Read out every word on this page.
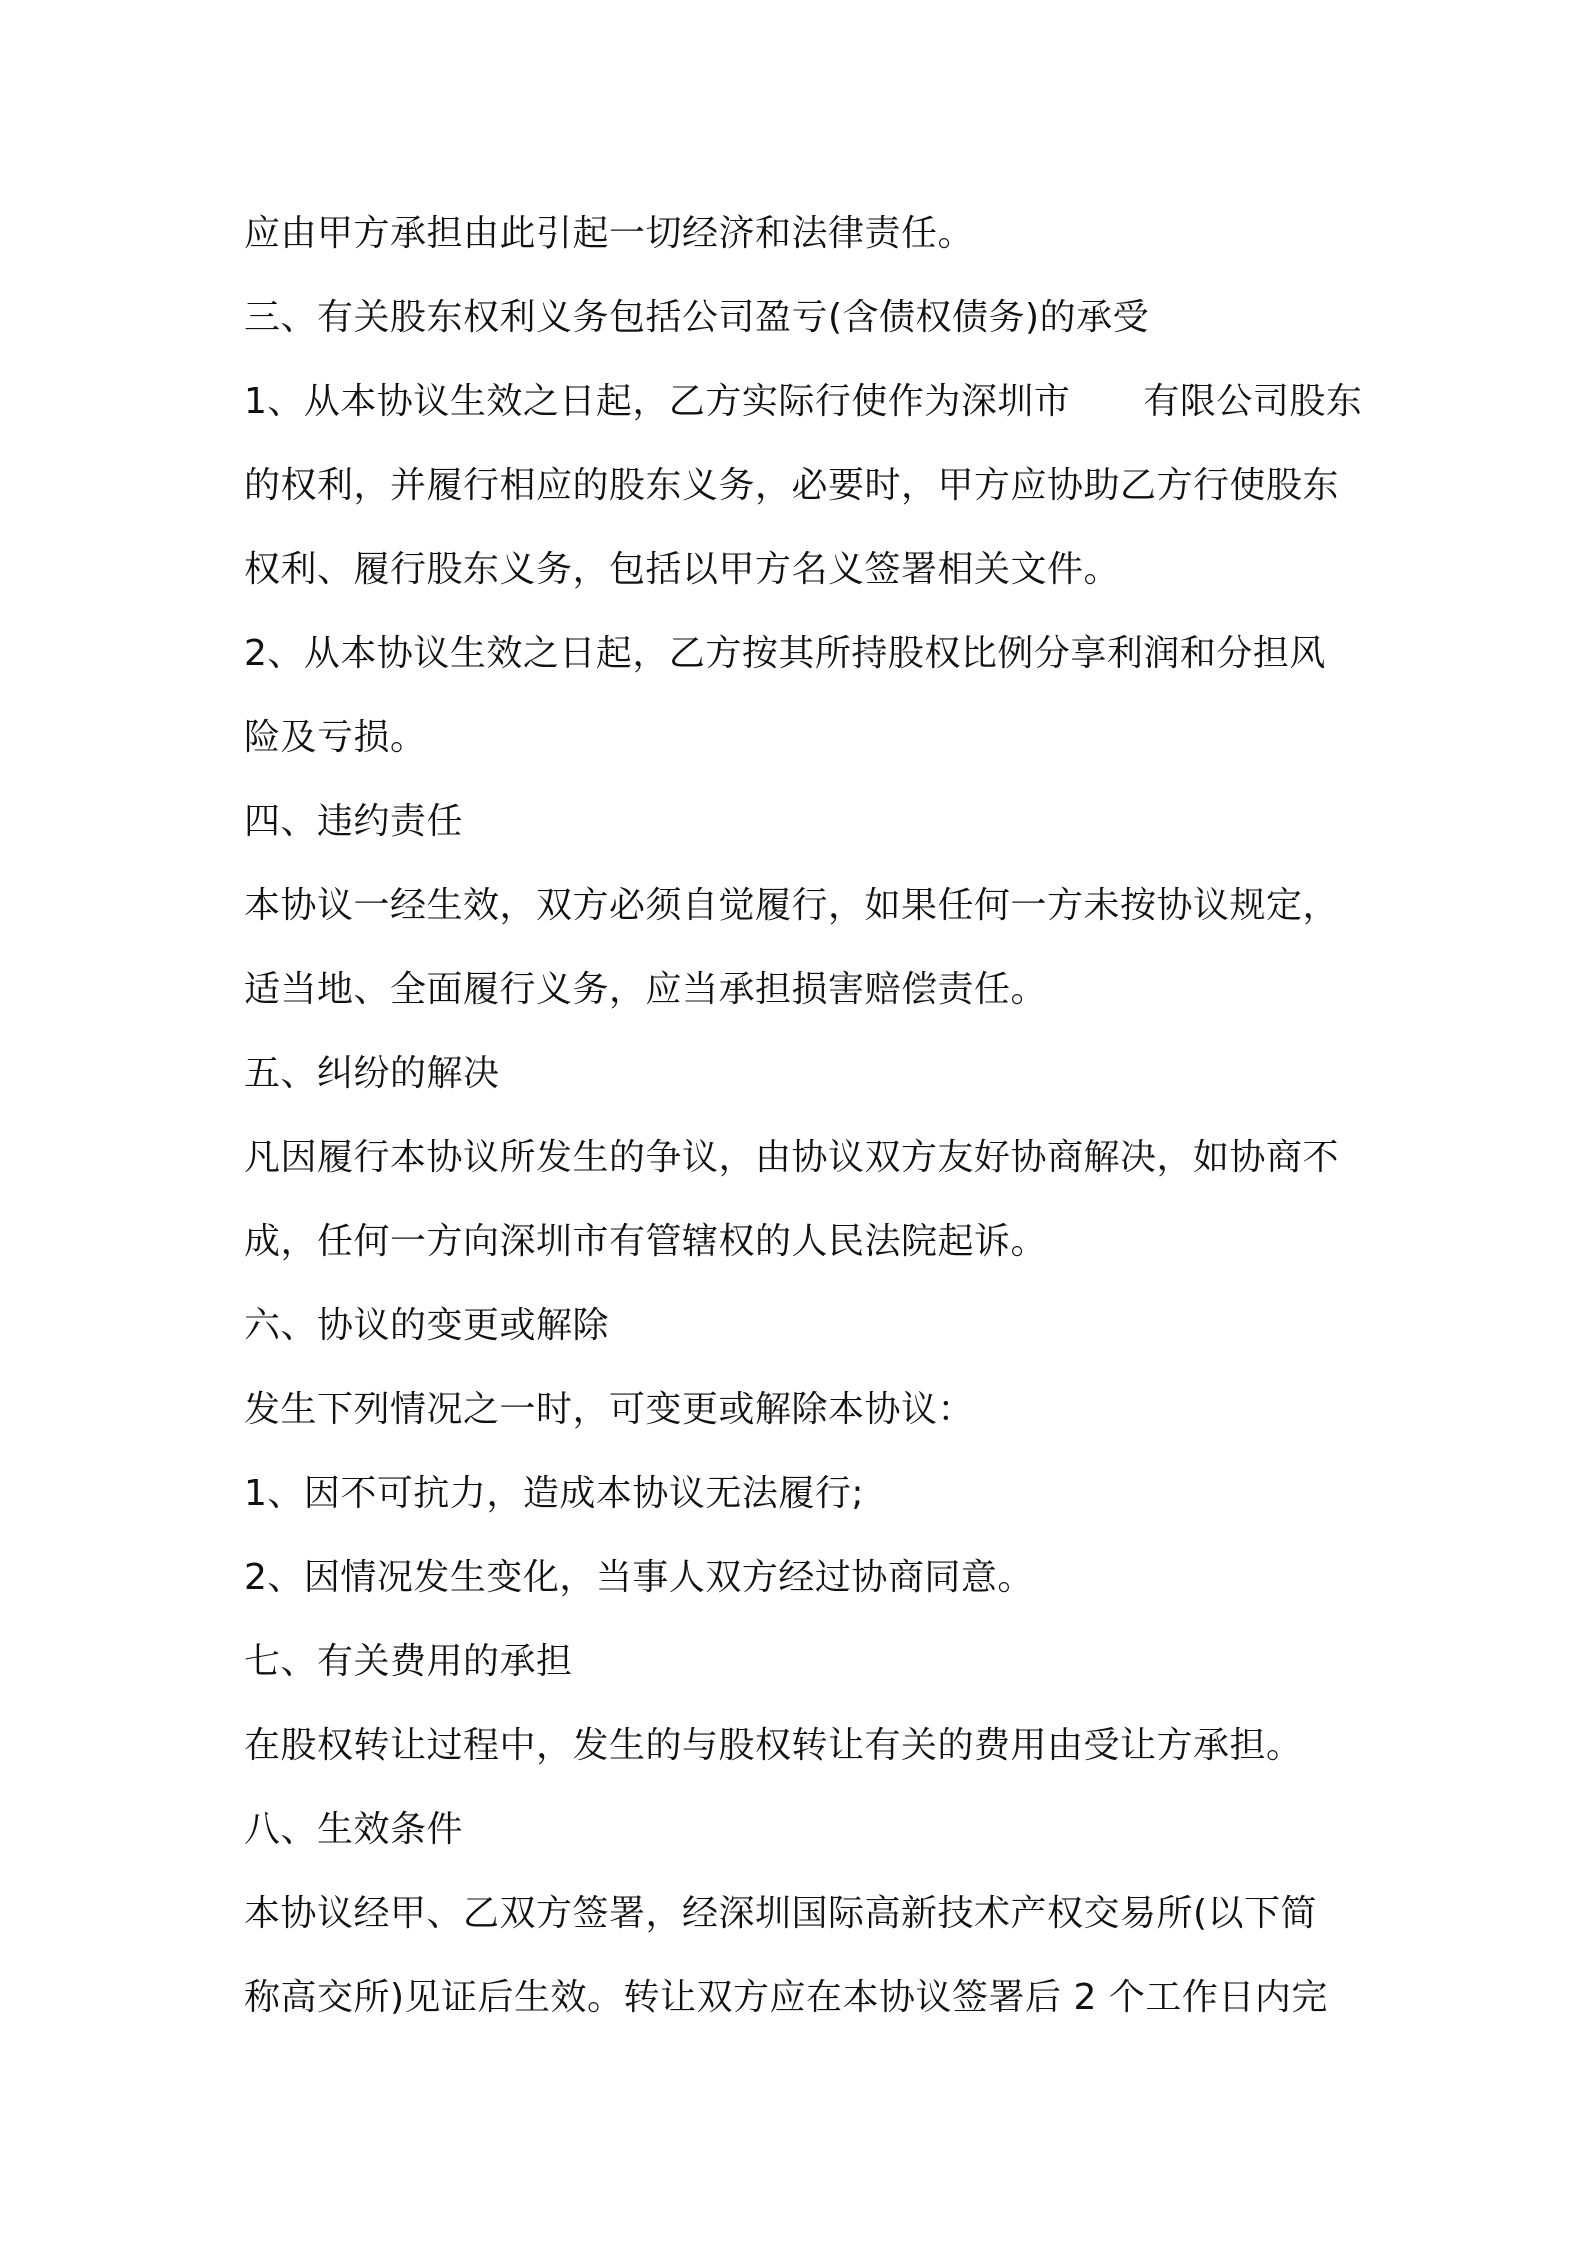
应由甲方承担由此引起一切经济和法律责任。
三、有关股东权利义务包括公司盈亏(含债权债务)的承受
1、从本协议生效之日起，乙方实际行使作为深圳市　　有限公司股东
的权利，并履行相应的股东义务，必要时，甲方应协助乙方行使股东
权利、履行股东义务，包括以甲方名义签署相关文件。
2、从本协议生效之日起，乙方按其所持股权比例分享利润和分担风
险及亏损。
四、违约责任
本协议一经生效，双方必须自觉履行，如果任何一方未按协议规定，
适当地、全面履行义务，应当承担损害赔偿责任。
五、纠纷的解决
凡因履行本协议所发生的争议，由协议双方友好协商解决，如协商不
成，任何一方向深圳市有管辖权的人民法院起诉。
六、协议的变更或解除
发生下列情况之一时，可变更或解除本协议：
1、因不可抗力，造成本协议无法履行;
2、因情况发生变化，当事人双方经过协商同意。
七、有关费用的承担
在股权转让过程中，发生的与股权转让有关的费用由受让方承担。
八、生效条件
本协议经甲、乙双方签署，经深圳国际高新技术产权交易所(以下简
称高交所)见证后生效。转让双方应在本协议签署后 2 个工作日内完
